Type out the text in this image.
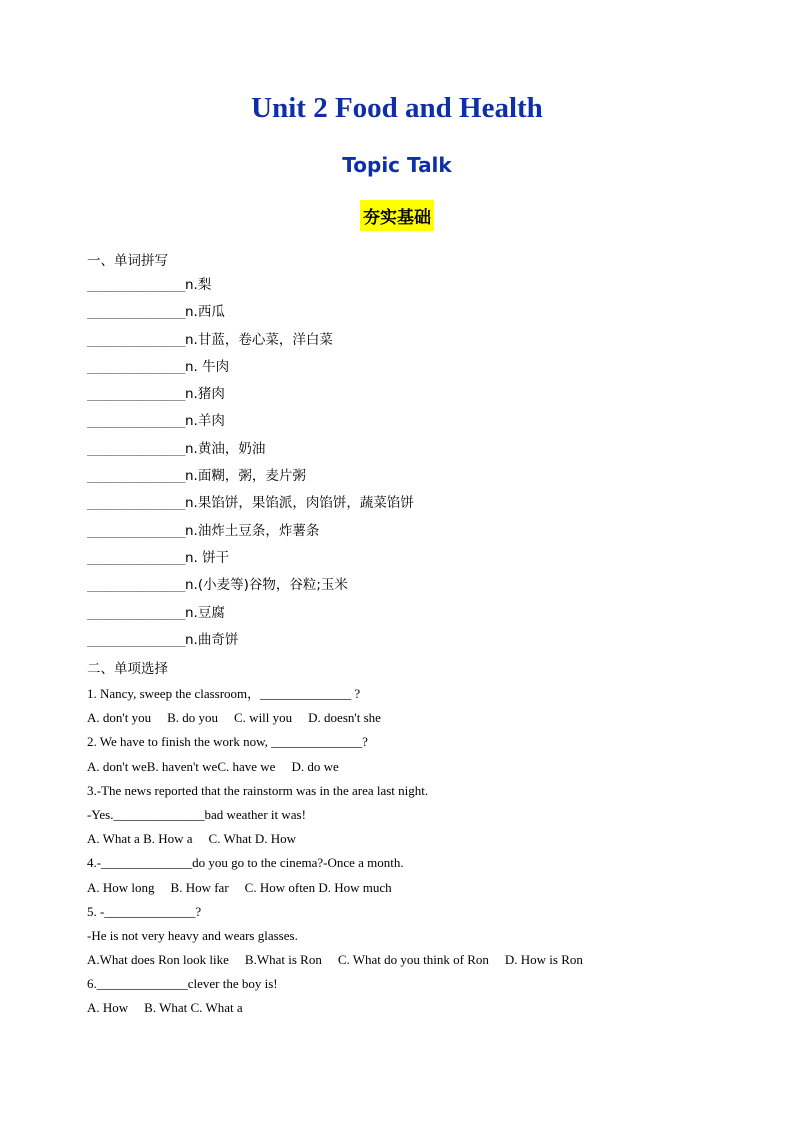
Unit 2 Food and Health
Topic Talk
夯实基础
一、单词拼写
________________n.梨
________________n.西瓜
________________n.甘蓝，卷心菜，洋白菜
________________n. 牛肉
________________n.猪肉
________________n.羊肉
________________n.黄油，奶油
________________n.面糊，粥，麦片粥
________________n.果馅饼，果馅派，肉馅饼，蔬菜馅饼
________________n.油炸土豆条，炸薯条
________________n. 饼干
________________n.(小麦等)谷物，谷粒;玉米
________________n.豆腐
________________n.曲奇饼
二、单项选择
1. Nancy, sweep the classroom，______________ ?
A. don't you B. do you C. will you D. doesn't she
2. We have to finish the work now, ______________?
A. don't weB. haven't weC. have we D. do we
3.-The news reported that the rainstorm was in the area last night.
-Yes.______________bad weather it was!
A. What a B. How a C. What D. How
4.-______________do you go to the cinema?-Once a month.
A. How long B. How far C. How often D. How much
5. -______________?
-He is not very heavy and wears glasses.
A.What does Ron look like B.What is Ron C. What do you think of Ron D. How is Ron
6.______________clever the boy is!
A. How B. What C. What a
